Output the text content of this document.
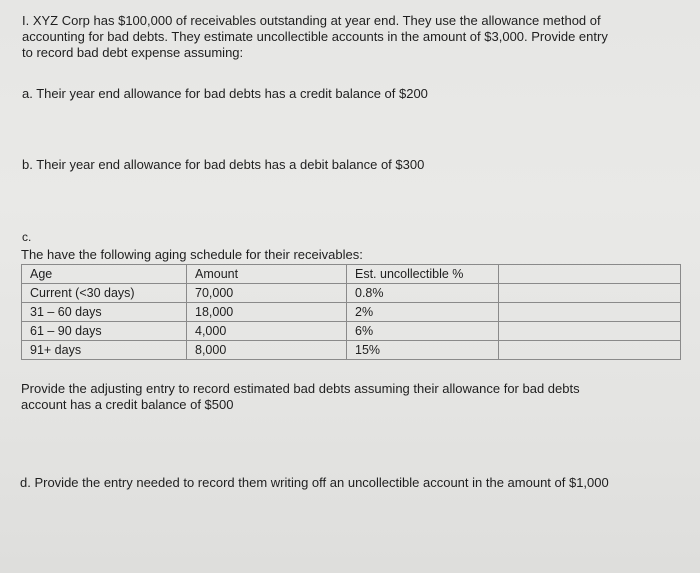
I. XYZ Corp has $100,000 of receivables outstanding at year end. They use the allowance method of
accounting for bad debts. They estimate uncollectible accounts in the amount of $3,000. Provide entry
to record bad debt expense assuming:

a. Their year end allowance for bad debts has a credit balance of $200

b. Their year end allowance for bad debts has a debit balance of $300

c.

The have the following aging schedule for their receivables:

Age	Amount	Est. uncollectible %	
Current (<30 days)	70,000	0.8%	
31 – 60 days	18,000	2%	
61 – 90 days	4,000	6%	
91+ days	8,000	15%	

Provide the adjusting entry to record estimated bad debts assuming their allowance for bad debts
account has a credit balance of $500

d. Provide the entry needed to record them writing off an uncollectible account in the amount of $1,000
